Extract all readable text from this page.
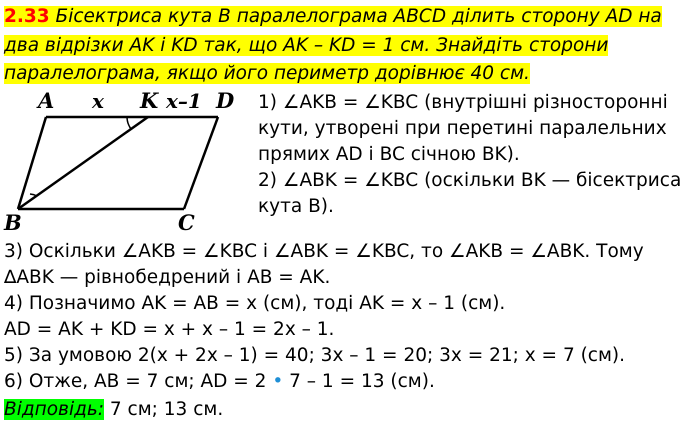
2.33 Бісектриса кута B паралелограма ABCD ділить сторону AD на
два відрізки AK і KD так, що AK – KD = 1 см. Знайдіть сторони
паралелограма, якщо його периметр дорівнює 40 см.
A x K x–1 D
B	C
1) ∠AKB = ∠KBC (внутрішні різносторонні
кути, утворені при перетині паралельних
прямих AD і BC січною BK).
2) ∠ABK = ∠KBC (оскільки BK — бісектриса
кута B).
3) Оскільки ∠AKB = ∠KBC і ∠ABK = ∠KBC, то ∠AKB = ∠ABK. Тому
∆ABK — рівнобедрений і AB = AK.
4) Позначимо AK = AB = x (см), тоді AK = x – 1 (см).
AD = AK + KD = x + x – 1 = 2x – 1.
5) За умовою 2(x + 2x – 1) = 40; 3x – 1 = 20; 3x = 21; x = 7 (см).
6) Отже, AB = 7 см; AD = 2 • 7 – 1 = 13 (см).
Відповідь: 7 см; 13 см.
